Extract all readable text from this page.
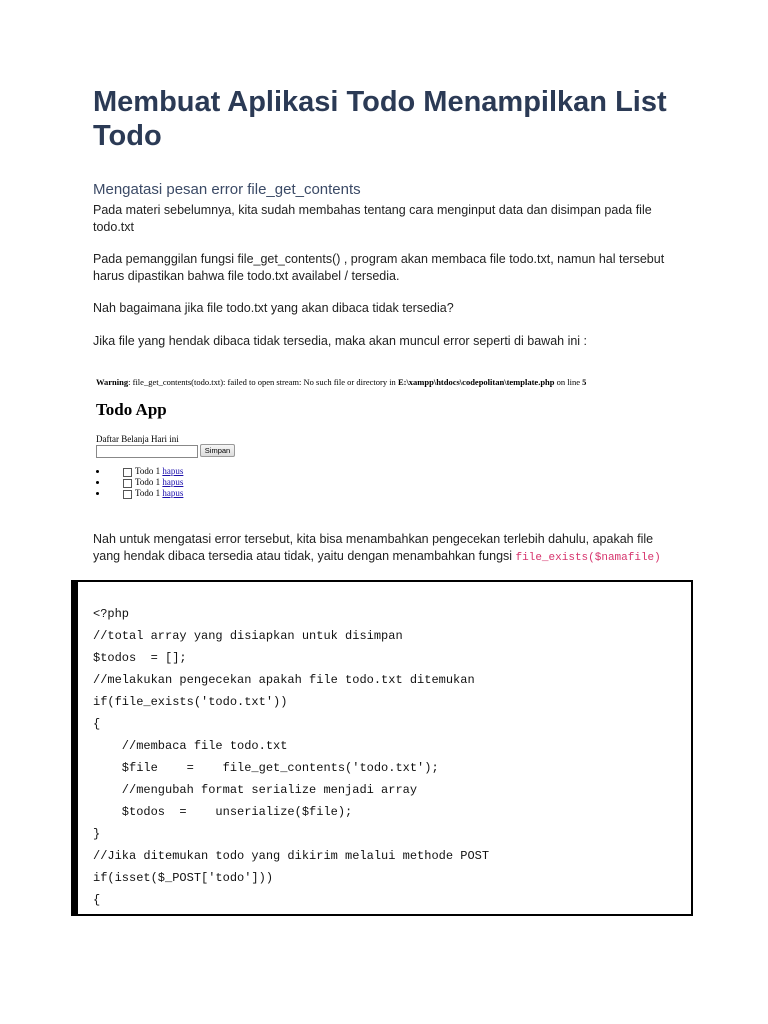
Membuat Aplikasi Todo Menampilkan List Todo
Mengatasi pesan error file_get_contents

Pada materi sebelumnya, kita sudah membahas tentang cara menginput data dan disimpan pada file todo.txt

Pada pemanggilan fungsi file_get_contents() , program akan membaca file todo.txt, namun hal tersebut harus dipastikan bahwa file todo.txt availabel / tersedia.

Nah bagaimana jika file todo.txt yang akan dibaca tidak tersedia?

Jika file yang hendak dibaca tidak tersedia, maka akan muncul error seperti di bawah ini :

Warning: file_get_contents(todo.txt): failed to open stream: No such file or directory in E:\xampp\htdocs\codepolitan\template.php on line 5
Todo App
Daftar Belanja Hari ini
Simpan
Todo 1 hapus
Todo 1 hapus
Todo 1 hapus

Nah untuk mengatasi error tersebut, kita bisa menambahkan pengecekan terlebih dahulu, apakah file yang hendak dibaca tersedia atau tidak, yaitu dengan menambahkan fungsi file_exists($namafile)

<?php
//total array yang disiapkan untuk disimpan
$todos  = [];
//melakukan pengecekan apakah file todo.txt ditemukan
if(file_exists('todo.txt'))
{
//membaca file todo.txt
$file    =    file_get_contents('todo.txt');
//mengubah format serialize menjadi array
$todos  =    unserialize($file);
}
//Jika ditemukan todo yang dikirim melalui methode POST
if(isset($_POST['todo']))
{
